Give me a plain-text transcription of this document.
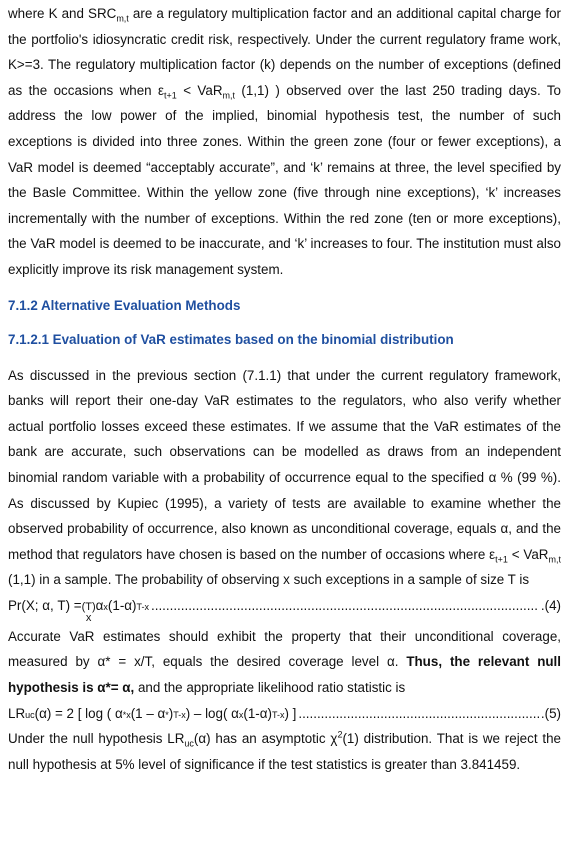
where K and $SRC_{m,t}$ are a regulatory multiplication factor and an additional capital charge for the portfolio's idiosyncratic credit risk, respectively. Under the current regulatory frame work, K>=3. The regulatory multiplication factor (k) depends on the number of exceptions (defined as the occasions when $\varepsilon_{t+1} < VaR_{m,t}$ (1,1) ) observed over the last 250 trading days. To address the low power of the implied, binomial hypothesis test, the number of such exceptions is divided into three zones. Within the green zone (four or fewer exceptions), a VaR model is deemed “acceptably accurate”, and ‘k’ remains at three, the level specified by the Basle Committee. Within the yellow zone (five through nine exceptions), ‘k’ increases incrementally with the number of exceptions. Within the red zone (ten or more exceptions), the VaR model is deemed to be inaccurate, and ‘k’ increases to four. The institution must also explicitly improve its risk management system.

7.1.2 Alternative Evaluation Methods

7.1.2.1 Evaluation of VaR estimates based on the binomial distribution

As discussed in the previous section (7.1.1) that under the current regulatory framework, banks will report their one-day VaR estimates to the regulators, who also verify whether actual portfolio losses exceed these estimates. If we assume that the VaR estimates of the bank are accurate, such observations can be modelled as draws from an independent binomial random variable with a probability of occurrence equal to the specified α % (99 %). As discussed by Kupiec (1995), a variety of tests are available to examine whether the observed probability of occurrence, also known as unconditional coverage, equals α, and the method that regulators have chosen is based on the number of occasions where $\varepsilon_{t+1} < VaR_{m,t}$ (1,1) in a sample. The probability of observing x such exceptions in a sample of size T is

Pr(X; α, T) = ( T
x
) α x (1-α) T-x .....	.(4)

Accurate VaR estimates should exhibit the property that their unconditional coverage, measured by α* = x/T, equals the desired coverage level α. Thus, the relevant null hypothesis is α*= α, and the appropriate likelihood ratio statistic is

LR uc (α) = 2 [ log ( α *x (1 – α * ) T-x ) – log( α x (1-α) T-x ) ] .....	.(5)

Under the null hypothesis $LR_{uc}(\alpha)$ has an asymptotic $\chi^2(1)$ distribution. That is we reject the null hypothesis at 5% level of significance if the test statistics is greater than 3.841459.
